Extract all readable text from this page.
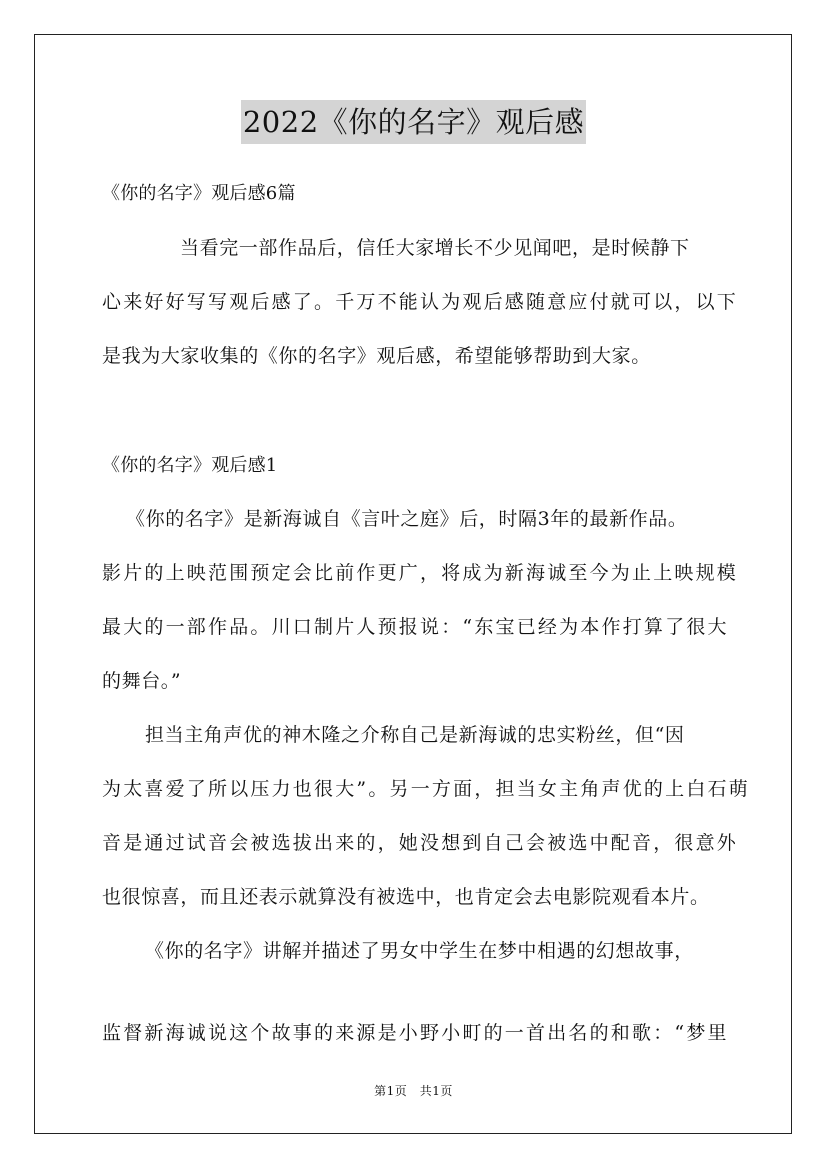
2022《你的名字》观后感
《你的名字》观后感6篇
当看完一部作品后，信任大家增长不少见闻吧，是时候静下
心来好好写写观后感了。千万不能认为观后感随意应付就可以，以下
是我为大家收集的《你的名字》观后感，希望能够帮助到大家。
《你的名字》观后感1
《你的名字》是新海诚自《言叶之庭》后，时隔3年的最新作品。
影片的上映范围预定会比前作更广，将成为新海诚至今为止上映规模
最大的一部作品。川口制片人预报说：“东宝已经为本作打算了很大
的舞台。”
担当主角声优的神木隆之介称自己是新海诚的忠实粉丝，但“因
为太喜爱了所以压力也很大”。另一方面，担当女主角声优的上白石萌
音是通过试音会被选拔出来的，她没想到自己会被选中配音，很意外
也很惊喜，而且还表示就算没有被选中，也肯定会去电影院观看本片。
《你的名字》讲解并描述了男女中学生在梦中相遇的幻想故事，
监督新海诚说这个故事的来源是小野小町的一首出名的和歌：“梦里
第1页　共1页
